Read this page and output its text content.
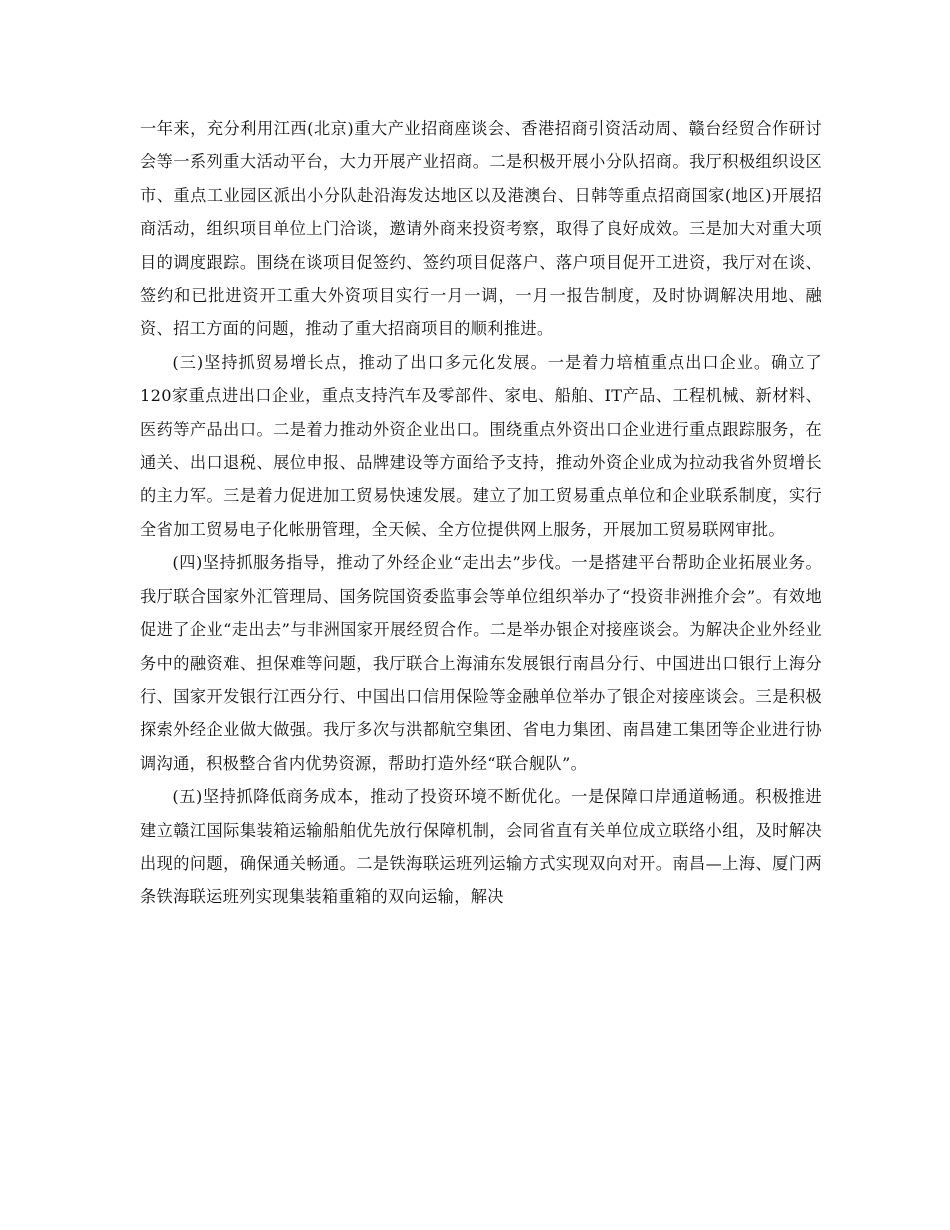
一年来，充分利用江西(北京)重大产业招商座谈会、香港招商引资活动周、赣台经贸合作研讨会等一系列重大活动平台，大力开展产业招商。二是积极开展小分队招商。我厅积极组织设区市、重点工业园区派出小分队赴沿海发达地区以及港澳台、日韩等重点招商国家(地区)开展招商活动，组织项目单位上门洽谈，邀请外商来投资考察，取得了良好成效。三是加大对重大项目的调度跟踪。围绕在谈项目促签约、签约项目促落户、落户项目促开工进资，我厅对在谈、签约和已批进资开工重大外资项目实行一月一调，一月一报告制度，及时协调解决用地、融资、招工方面的问题，推动了重大招商项目的顺利推进。

(三)坚持抓贸易增长点，推动了出口多元化发展。一是着力培植重点出口企业。确立了120家重点进出口企业，重点支持汽车及零部件、家电、船舶、IT产品、工程机械、新材料、医药等产品出口。二是着力推动外资企业出口。围绕重点外资出口企业进行重点跟踪服务，在通关、出口退税、展位申报、品牌建设等方面给予支持，推动外资企业成为拉动我省外贸增长的主力军。三是着力促进加工贸易快速发展。建立了加工贸易重点单位和企业联系制度，实行全省加工贸易电子化帐册管理，全天候、全方位提供网上服务，开展加工贸易联网审批。

(四)坚持抓服务指导，推动了外经企业“走出去”步伐。一是搭建平台帮助企业拓展业务。我厅联合国家外汇管理局、国务院国资委监事会等单位组织举办了“投资非洲推介会”。有效地促进了企业“走出去”与非洲国家开展经贸合作。二是举办银企对接座谈会。为解决企业外经业务中的融资难、担保难等问题，我厅联合上海浦东发展银行南昌分行、中国进出口银行上海分行、国家开发银行江西分行、中国出口信用保险等金融单位举办了银企对接座谈会。三是积极探索外经企业做大做强。我厅多次与洪都航空集团、省电力集团、南昌建工集团等企业进行协调沟通，积极整合省内优势资源，帮助打造外经“联合舰队”。

(五)坚持抓降低商务成本，推动了投资环境不断优化。一是保障口岸通道畅通。积极推进建立赣江国际集装箱运输船舶优先放行保障机制，会同省直有关单位成立联络小组，及时解决出现的问题，确保通关畅通。二是铁海联运班列运输方式实现双向对开。南昌—上海、厦门两条铁海联运班列实现集装箱重箱的双向运输，解决
